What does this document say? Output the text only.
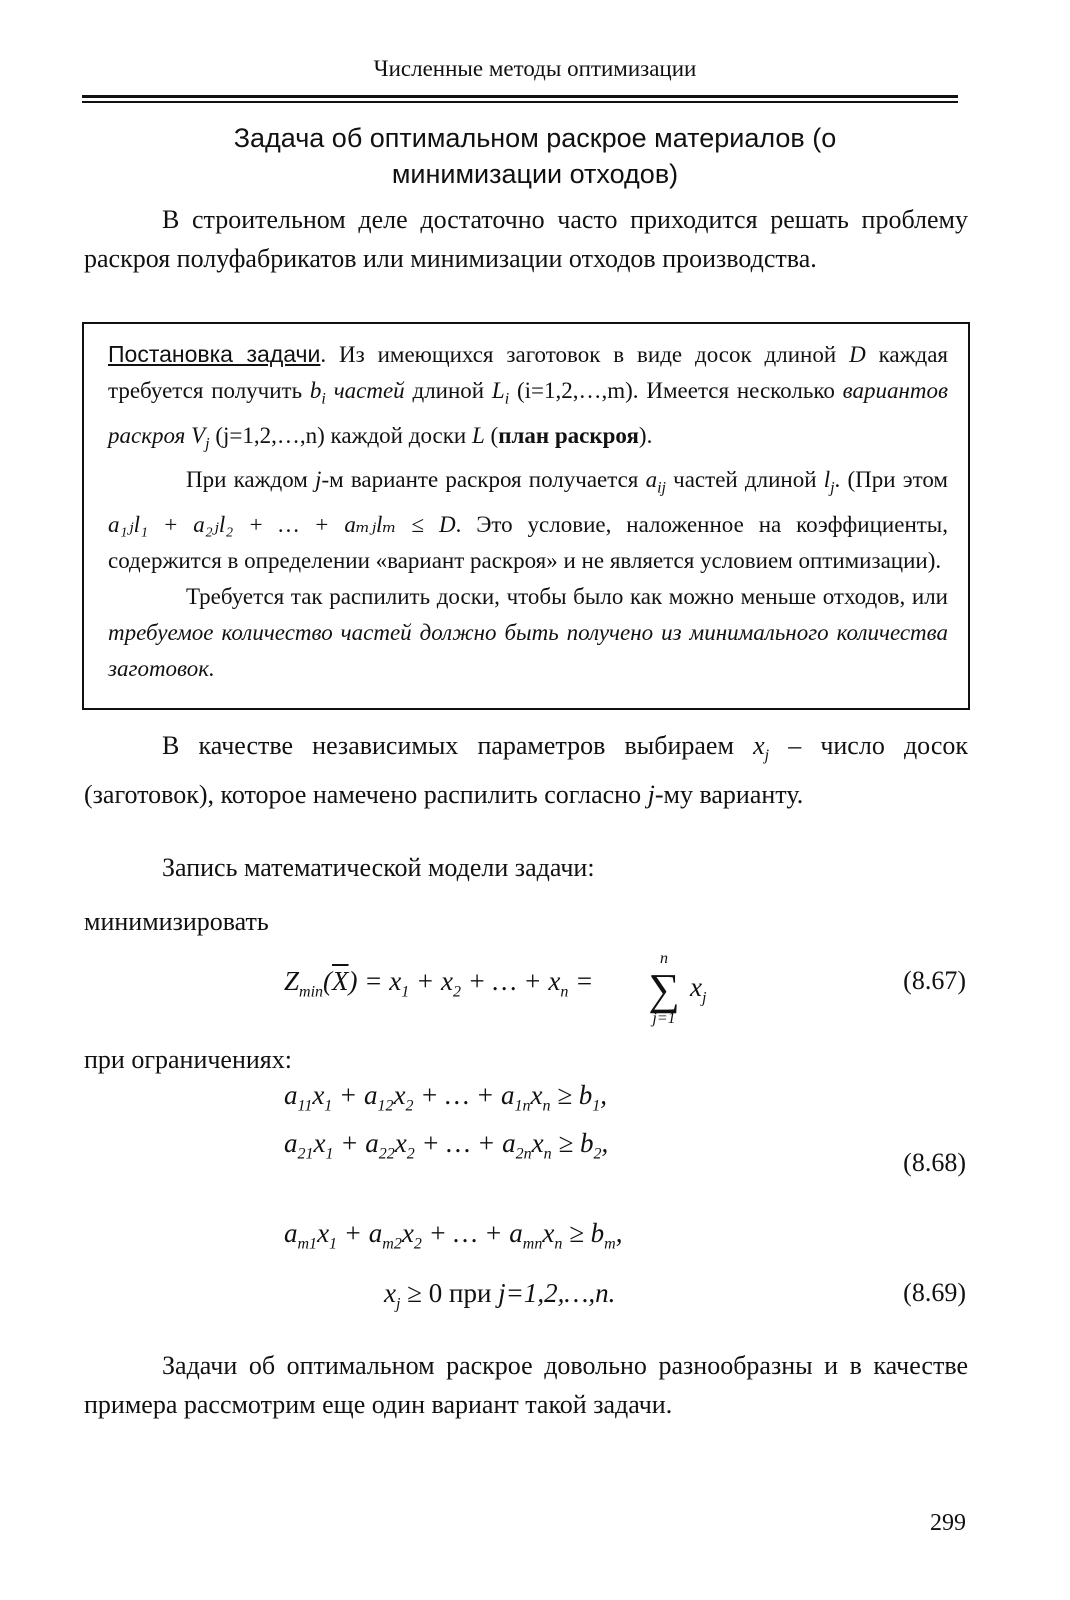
Численные методы оптимизации
Задача об оптимальном раскрое материалов (о минимизации отходов)

В строительном деле достаточно часто приходится решать проблему раскроя полуфабрикатов или минимизации отходов производства.

Постановка задачи. Из имеющихся заготовок в виде досок длиной D каждая требуется получить $b_i$ частей длиной $L_i$ (i=1,2,…,m). Имеется несколько вариантов раскроя $V_j$ (j=1,2,…,n) каждой доски L (план раскроя).

При каждом j-м варианте раскроя получается $a_{ij}$ частей длиной $l_j$. (При этом a₁ⱼl₁ + a₂ⱼl₂ + … + aₘⱼlₘ ≤ D. Это условие, наложенное на коэффициенты, содержится в определении «вариант раскроя» и не является условием оптимизации).

Требуется так распилить доски, чтобы было как можно меньше отходов, или требуемое количество частей должно быть получено из минимального количества заготовок.

В качестве независимых параметров выбираем $x_j$ – число досок (заготовок), которое намечено распилить согласно j-му варианту.

Запись математической модели задачи:

минимизировать

$Z_{min}(\overline{X}) = x_1 + x_2$ + … + $x_n$ =
n
∑
j=1
$x_j$
(8.67)

при ограничениях:

$a_{11}x_1 + a_{12}x_2$ + … + $a_{1n}x_n \ge b_1$,
$a_{21}x_1 + a_{22}x_2$ + … + $a_{2n}x_n \ge b_2$,
(8.68)
$a_{m1}x_1 + a_{m2}x_2$ + … + $a_{mn}x_n \ge b_m$,
$x_j \ge 0$ при j=1,2,…,n.	(8.69)

Задачи об оптимальном раскрое довольно разнообразны и в качестве примера рассмотрим еще один вариант такой задачи.

299
